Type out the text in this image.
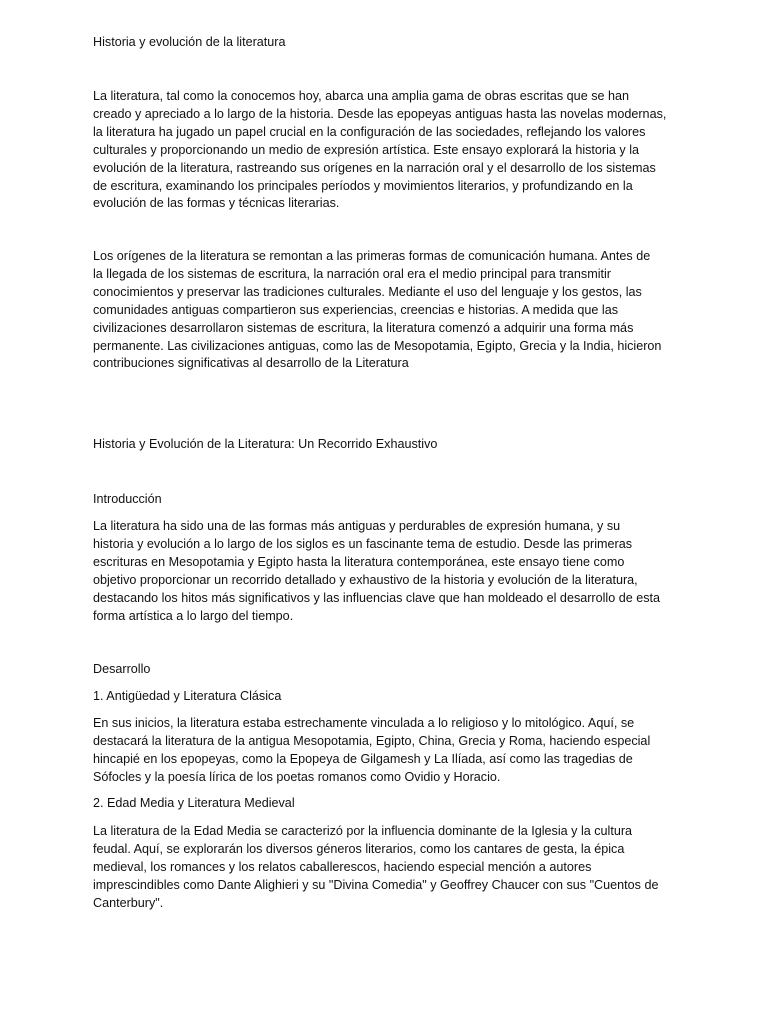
Historia y evolución de la literatura

La literatura, tal como la conocemos hoy, abarca una amplia gama de obras escritas que se han
creado y apreciado a lo largo de la historia. Desde las epopeyas antiguas hasta las novelas modernas,
la literatura ha jugado un papel crucial en la configuración de las sociedades, reflejando los valores
culturales y proporcionando un medio de expresión artística. Este ensayo explorará la historia y la
evolución de la literatura, rastreando sus orígenes en la narración oral y el desarrollo de los sistemas
de escritura, examinando los principales períodos y movimientos literarios, y profundizando en la
evolución de las formas y técnicas literarias.

Los orígenes de la literatura se remontan a las primeras formas de comunicación humana. Antes de
la llegada de los sistemas de escritura, la narración oral era el medio principal para transmitir
conocimientos y preservar las tradiciones culturales. Mediante el uso del lenguaje y los gestos, las
comunidades antiguas compartieron sus experiencias, creencias e historias. A medida que las
civilizaciones desarrollaron sistemas de escritura, la literatura comenzó a adquirir una forma más
permanente. Las civilizaciones antiguas, como las de Mesopotamia, Egipto, Grecia y la India, hicieron
contribuciones significativas al desarrollo de la Literatura

Historia y Evolución de la Literatura: Un Recorrido Exhaustivo

Introducción

La literatura ha sido una de las formas más antiguas y perdurables de expresión humana, y su
historia y evolución a lo largo de los siglos es un fascinante tema de estudio. Desde las primeras
escrituras en Mesopotamia y Egipto hasta la literatura contemporánea, este ensayo tiene como
objetivo proporcionar un recorrido detallado y exhaustivo de la historia y evolución de la literatura,
destacando los hitos más significativos y las influencias clave que han moldeado el desarrollo de esta
forma artística a lo largo del tiempo.

Desarrollo

1. Antigüedad y Literatura Clásica

En sus inicios, la literatura estaba estrechamente vinculada a lo religioso y lo mitológico. Aquí, se
destacará la literatura de la antigua Mesopotamia, Egipto, China, Grecia y Roma, haciendo especial
hincapié en los epopeyas, como la Epopeya de Gilgamesh y La Ilíada, así como las tragedias de
Sófocles y la poesía lírica de los poetas romanos como Ovidio y Horacio.

2. Edad Media y Literatura Medieval

La literatura de la Edad Media se caracterizó por la influencia dominante de la Iglesia y la cultura
feudal. Aquí, se explorarán los diversos géneros literarios, como los cantares de gesta, la épica
medieval, los romances y los relatos caballerescos, haciendo especial mención a autores
imprescindibles como Dante Alighieri y su "Divina Comedia" y Geoffrey Chaucer con sus "Cuentos de
Canterbury".
